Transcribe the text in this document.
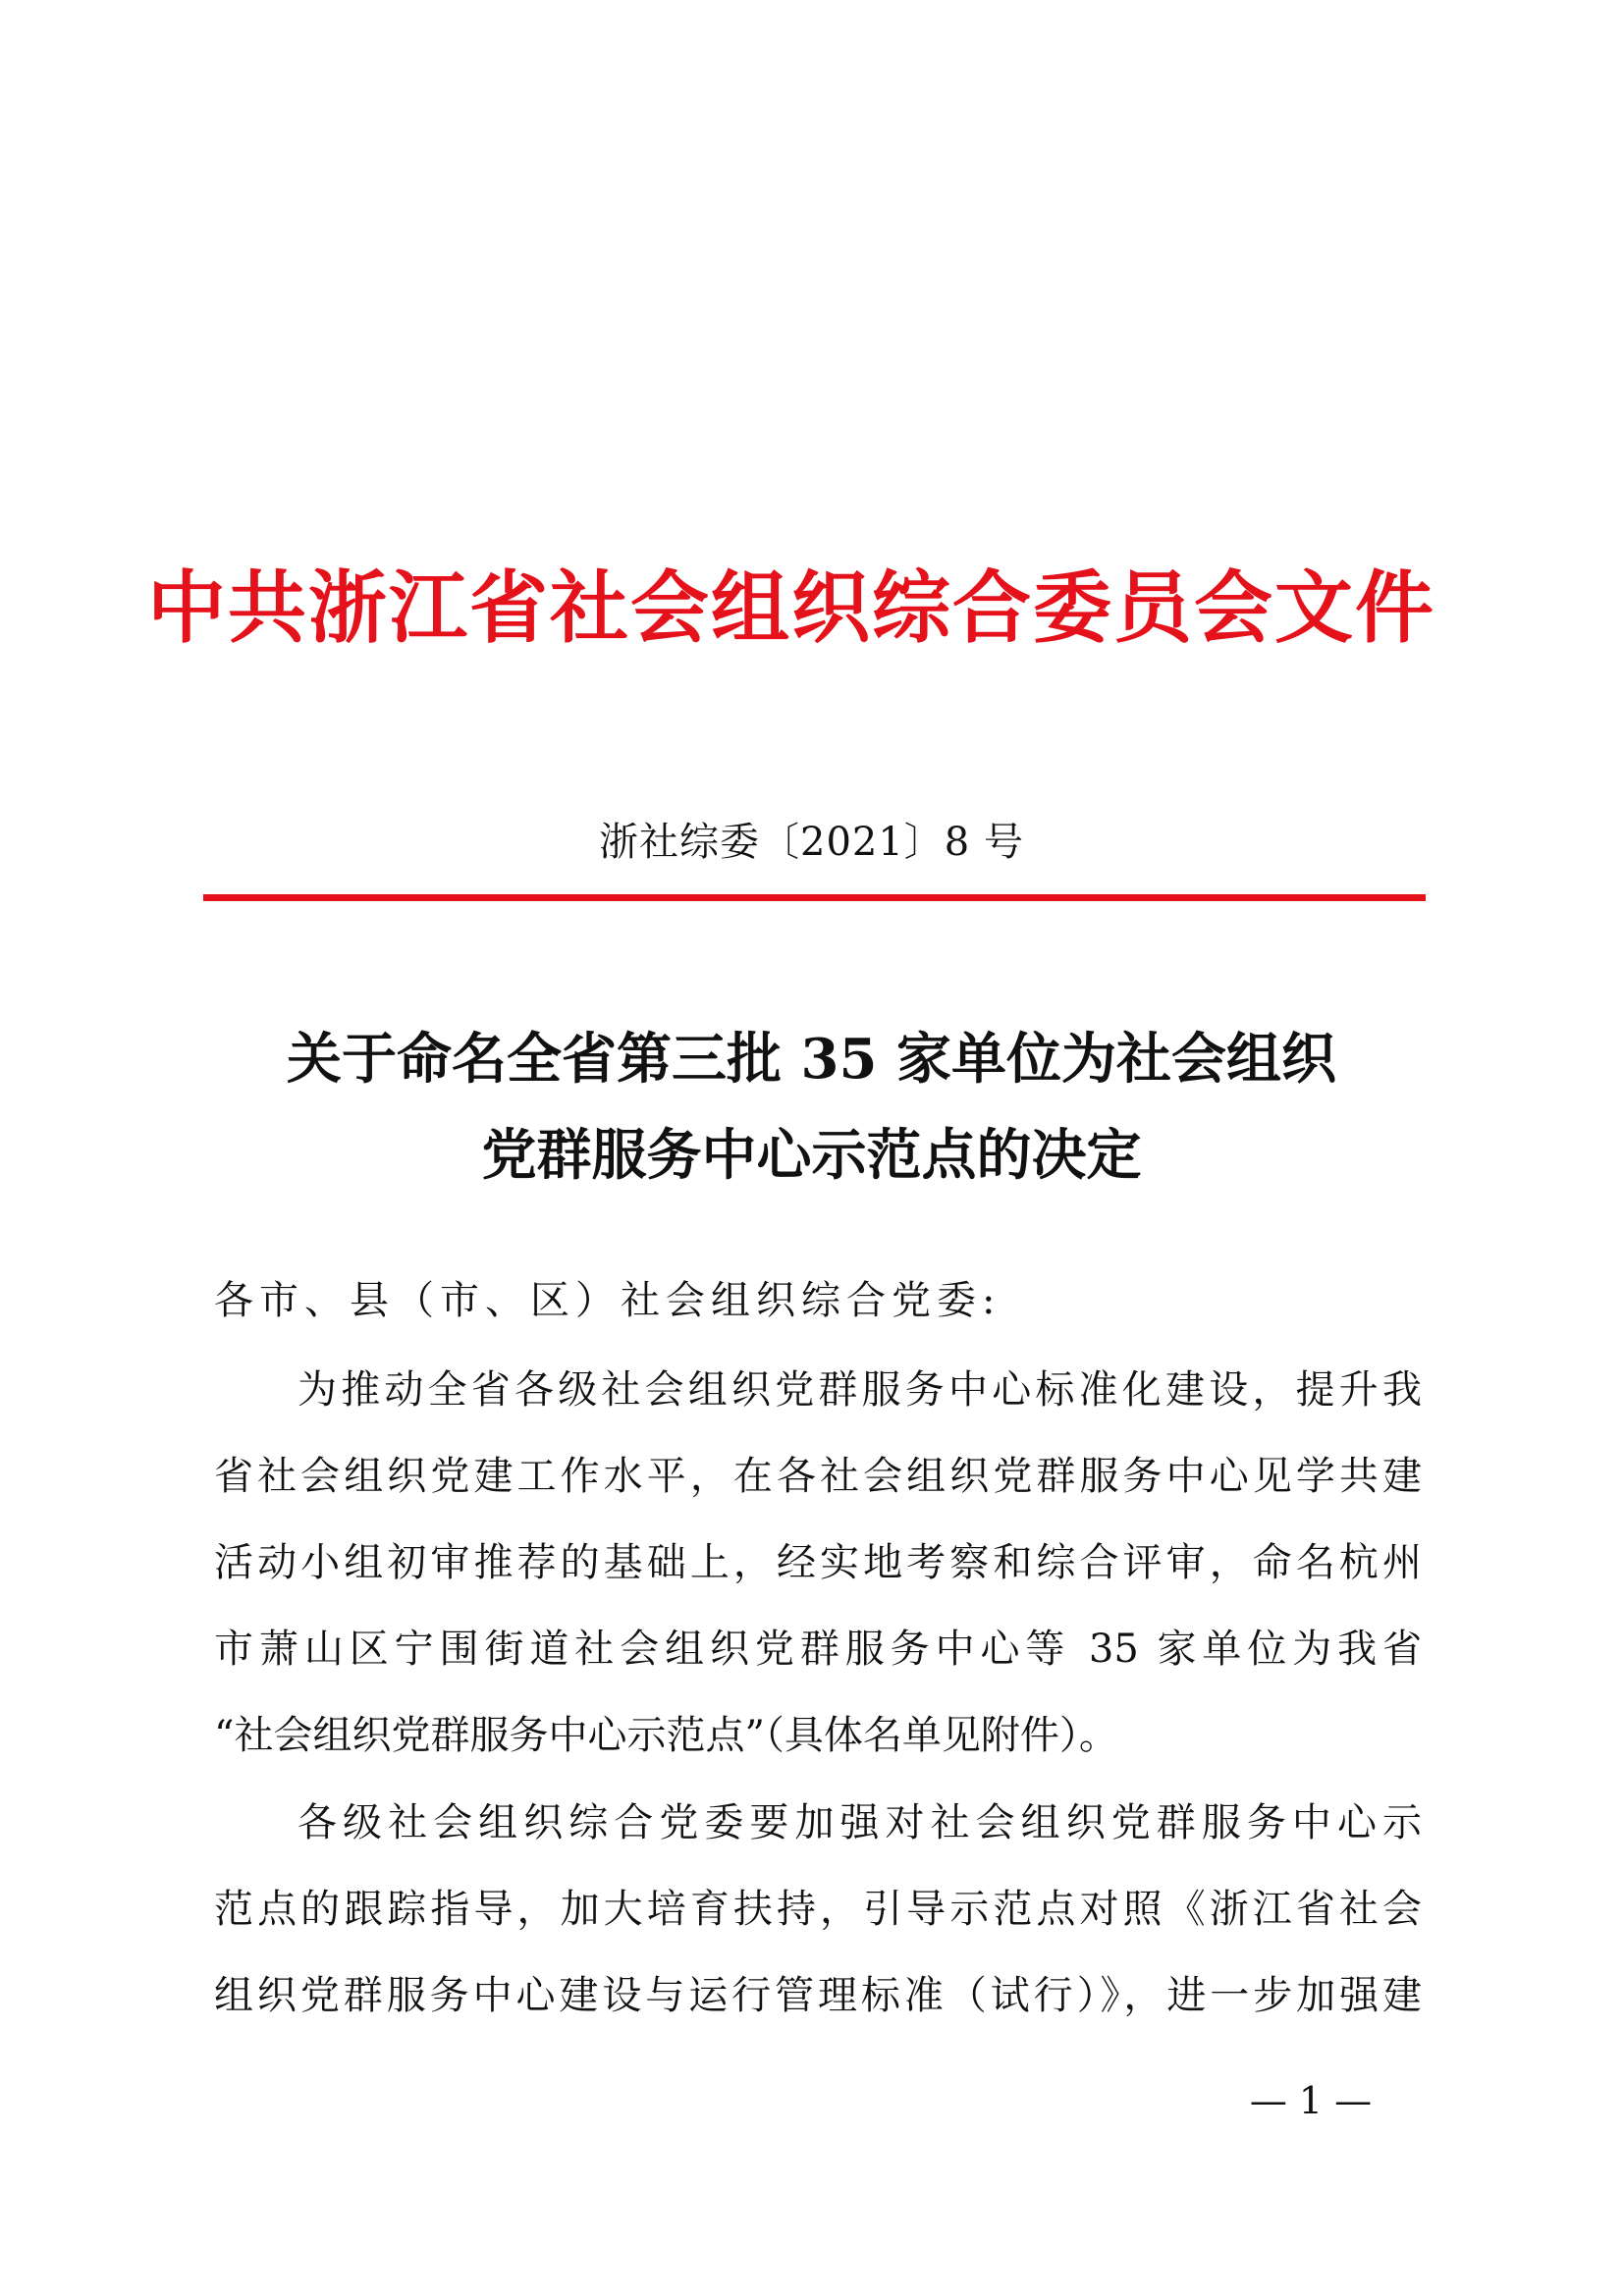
中共浙江省社会组织综合委员会文件
浙社综委〔2021〕8 号
关于命名全省第三批 35 家单位为社会组织
党群服务中心示范点的决定
各市、县（市、区）社会组织综合党委:
为推动全省各级社会组织党群服务中心标准化建设，提升我
省社会组织党建工作水平，在各社会组织党群服务中心见学共建
活动小组初审推荐的基础上，经实地考察和综合评审，命名杭州
市萧山区宁围街道社会组织党群服务中心等 35 家单位为我省
“社会组织党群服务中心示范点”（具体名单见附件）。
各级社会组织综合党委要加强对社会组织党群服务中心示
范点的跟踪指导，加大培育扶持，引导示范点对照《浙江省社会
组织党群服务中心建设与运行管理标准（试行）》，进一步加强建
— 1 —
